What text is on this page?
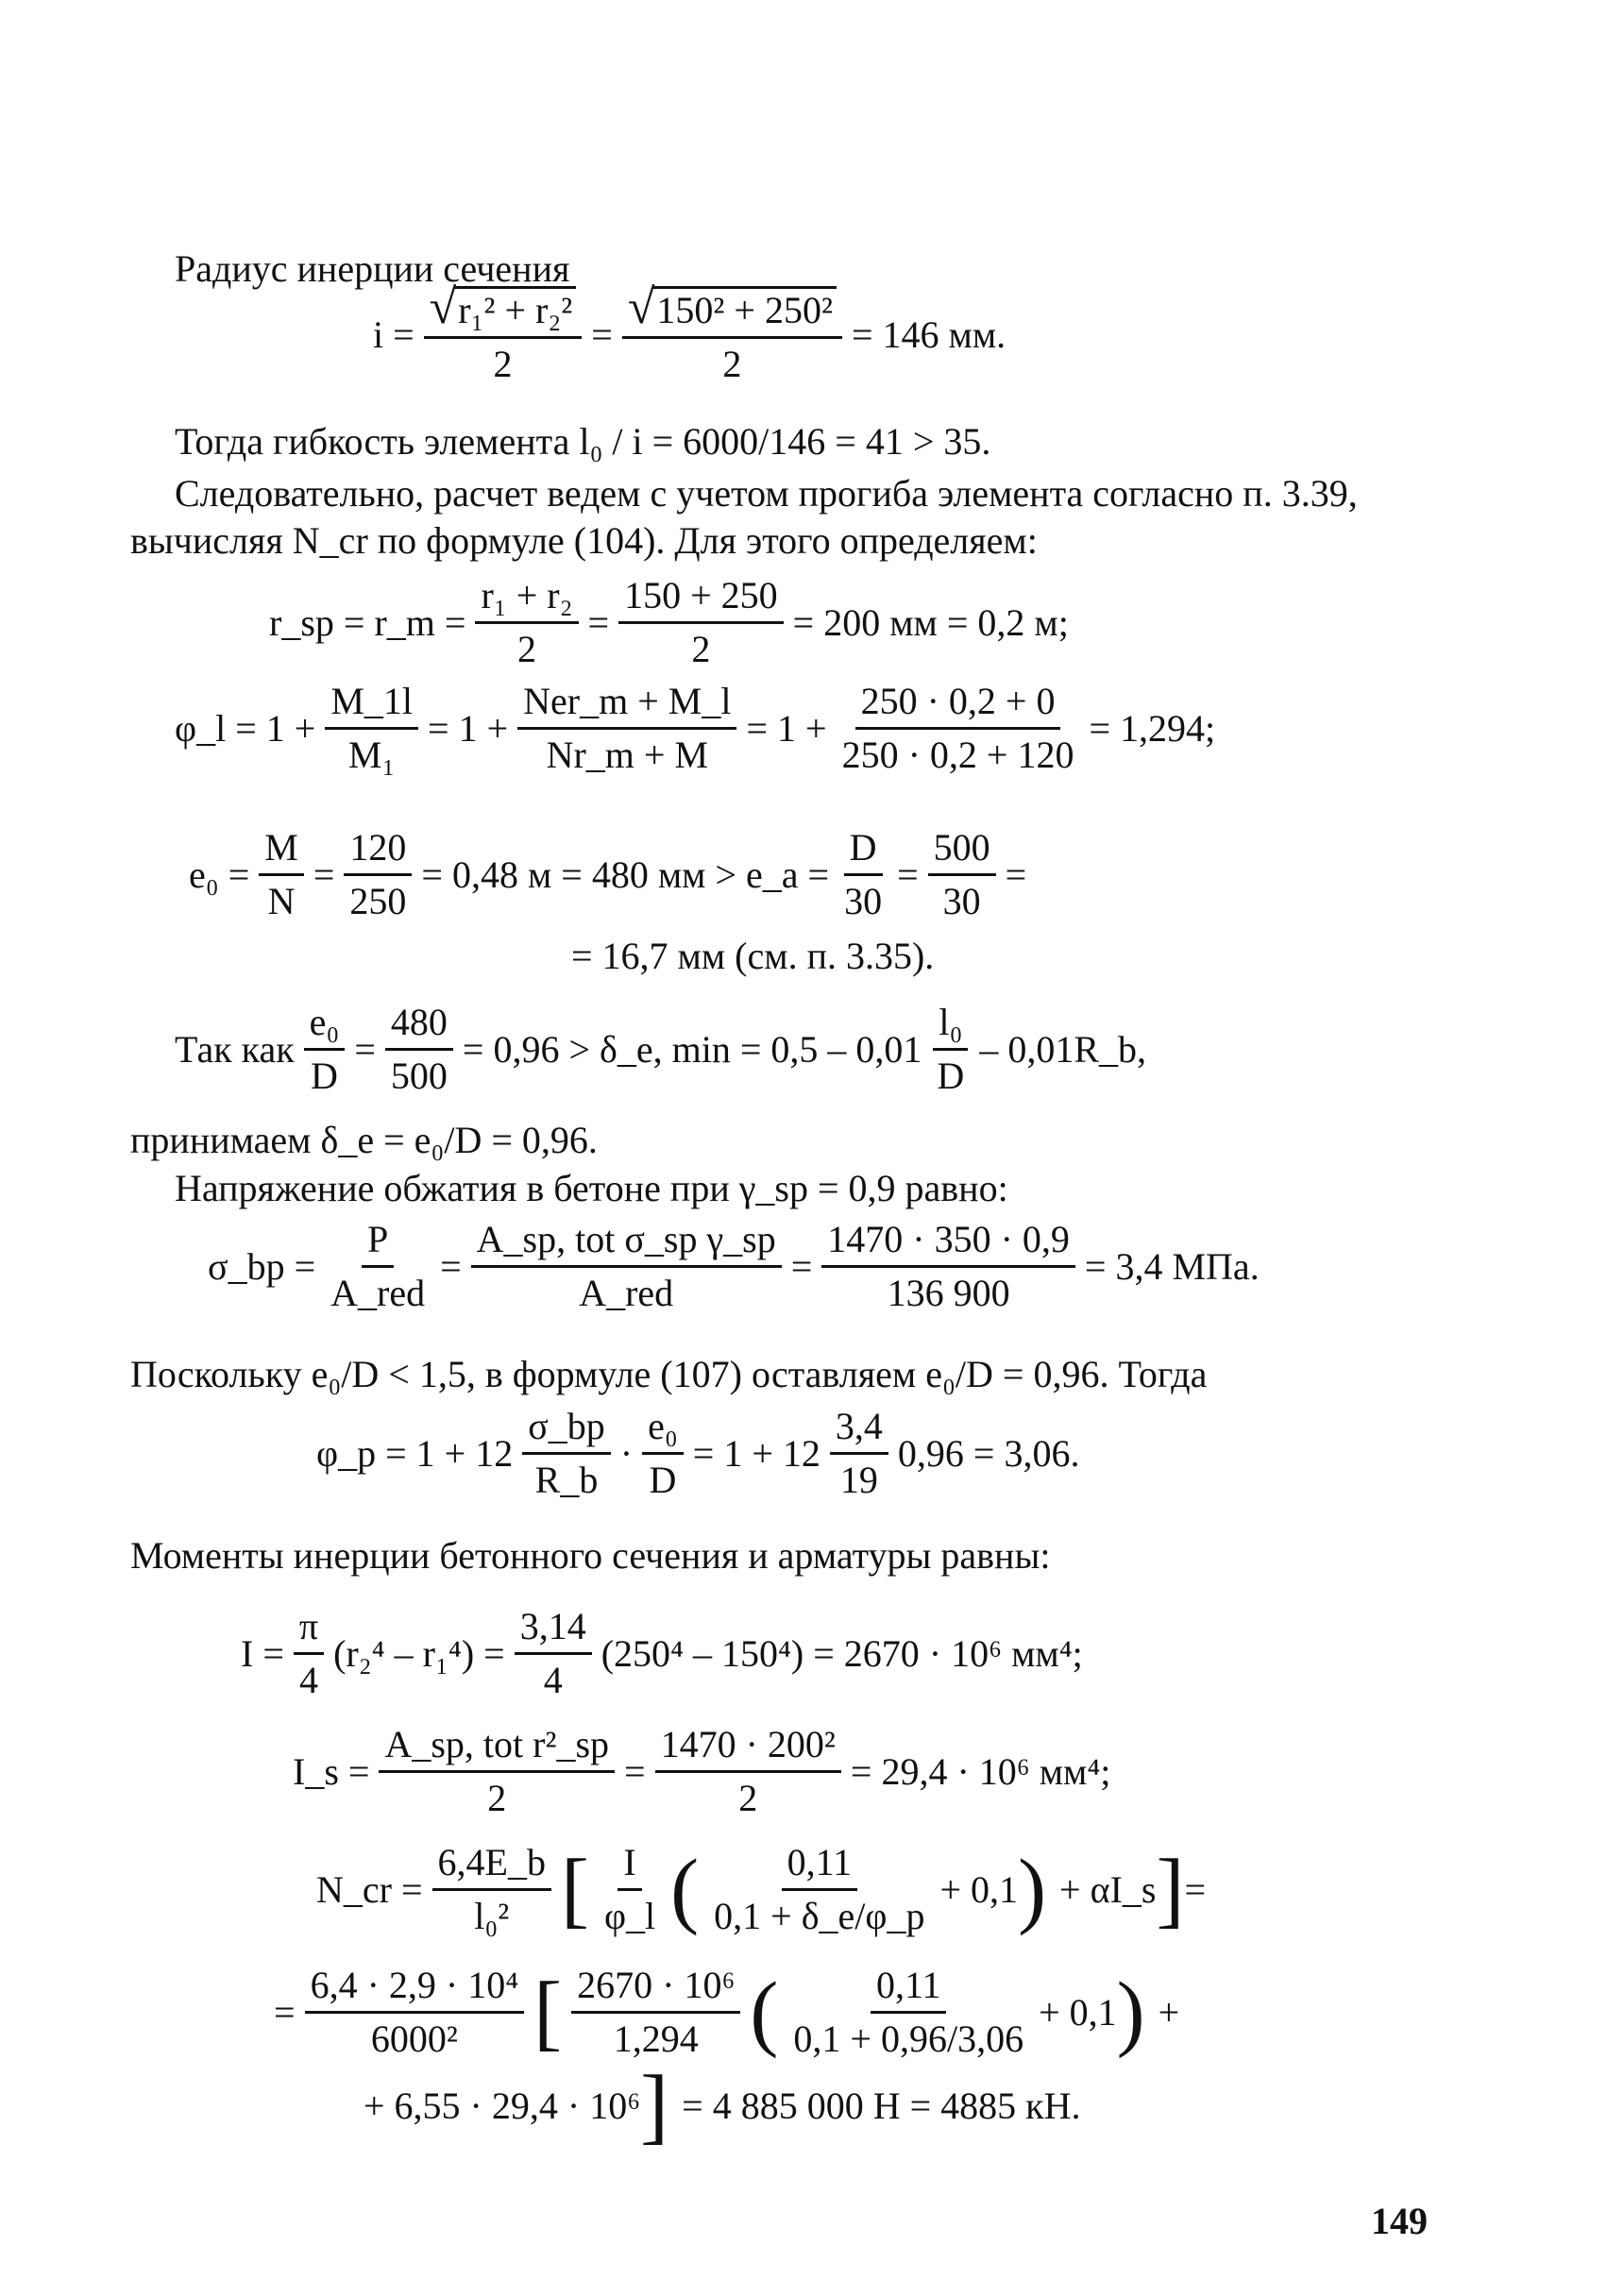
Радиус инерции сечения
$i = \frac{\text{√r₁² + r₂²}}{2} = \frac{\text{√150² + 250²}}{2} = 146$ мм.
Тогда гибкость элемента l₀ / i = 6000/146 = 41 > 35.
Следовательно, расчет ведем с учетом прогиба элемента согласно п. 3.39,
вычисляя N_cr по формуле (104). Для этого определяем:
r_sp = r_m = $\frac{\text{r₁ + r₂}}{2} = \frac{150 + 250}{2} = 200$ мм = 0,2 м;
φ_l = $1 + \frac{M\_1l}{\text{M₁}} = 1 + \frac{\text{Ner\_m + M\_l}}{Nr\_m + M} = 1 + \frac{250 \cdot 0,2 + 0}{250 \cdot 0,2 + 120} = 1,294$;
$e_0 = \frac{M}{N} = \frac{120}{250} = 0,48$ м = 480 мм > e_a = $\frac{D}{30} = \frac{500}{30}$ =
= 16,7 мм (см. п. 3.35).
Так как $\frac{\text{e₀}}{D} = \frac{480}{500} = 0,96$ > δ_e, $\min = 0,5 - 0,01 \frac{\text{l₀}}{D}$ – 0,01R_b,
принимаем δ_e = e₀/D = 0,96.
Напряжение обжатия в бетоне при γ_sp = 0,9 равно:
σ_bp = $\frac{P}{\text{A\_red}} = \frac{\text{A\_sp, tot σ\_sp γ\_sp}}{\text{A\_red}} = \frac{1470 \cdot 350 \cdot 0,9}{136 900} = 3,4$ МПа.
Поскольку e₀/D < 1,5, в формуле (107) оставляем e₀/D = 0,96. Тогда
φ_p = $1 + 12 \frac{\sigma\_bp}{R\_b} \cdot \frac{\text{e₀}}{D} = 1 + 12 \frac{3,4}{19} 0,96 = 3,06$.
Моменты инерции бетонного сечения и арматуры равны:
$I = \frac{\pi}{4} (r_2^4 - r_1^4) = \frac{3,14}{4} (250^4 - 150^4) = 2670 \cdot 10^6$ мм⁴;
I_s = $\frac{\text{A\_sp, tot r²\_sp}}{2} = \frac{\text{1470 · 200²}}{2} = 29,4 \cdot 10^6$ мм⁴;
N_cr = $\frac{6,4E\_b}{\text{l₀²}}$ [ $\frac{I}{\varphi\_l}$ ( $\frac{0,11}{0,1 + \delta\_e/\varphi\_p} + 0,1$ ) + αI_s ] =
= $\frac{\text{6,4 · 2,9 · 10⁴}}{\text{6000²}}$ [ $\frac{\text{2670 · 10⁶}}{1,294}$ ( $\frac{0,11}{0,1 + 0,96/3,06} + 0,1$ ) +
+ 6,55 · 29,4 · 10⁶ ] = 4 885 000 Н = 4885 кН.
149
